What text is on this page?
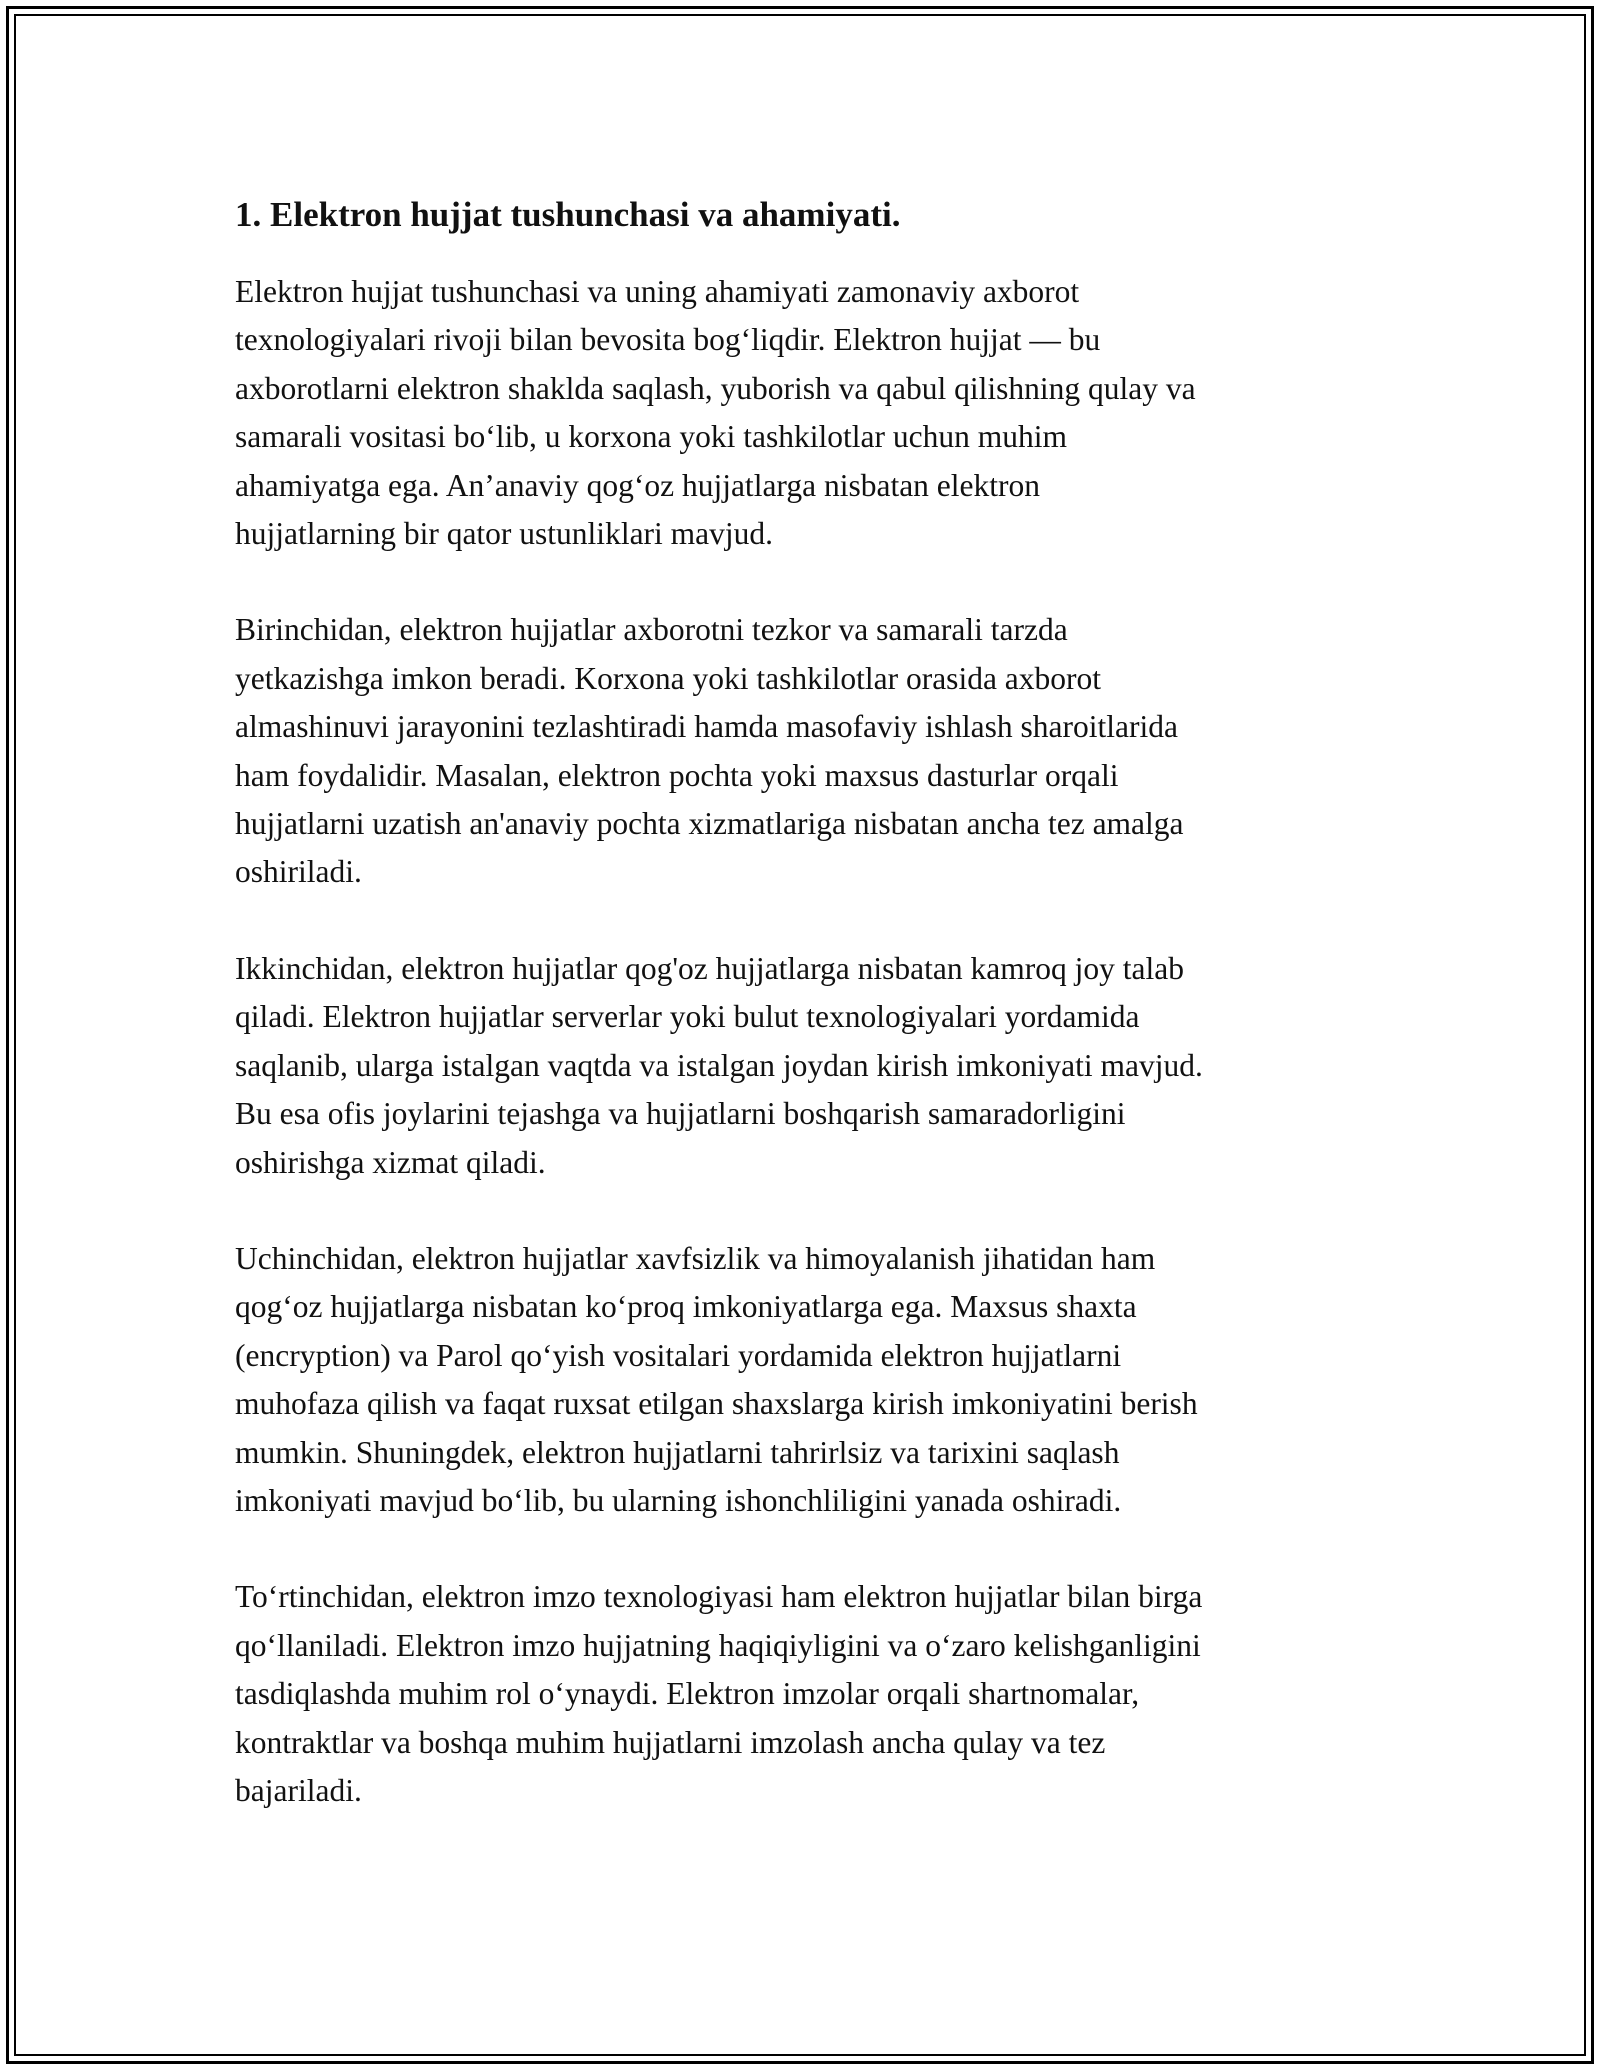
1. Elektron hujjat tushunchasi va ahamiyati.

Elektron hujjat tushunchasi va uning ahamiyati zamonaviy axborot
texnologiyalari rivoji bilan bevosita bog‘liqdir. Elektron hujjat — bu
axborotlarni elektron shaklda saqlash, yuborish va qabul qilishning qulay va
samarali vositasi bo‘lib, u korxona yoki tashkilotlar uchun muhim
ahamiyatga ega. An’anaviy qog‘oz hujjatlarga nisbatan elektron
hujjatlarning bir qator ustunliklari mavjud.

Birinchidan, elektron hujjatlar axborotni tezkor va samarali tarzda
yetkazishga imkon beradi. Korxona yoki tashkilotlar orasida axborot
almashinuvi jarayonini tezlashtiradi hamda masofaviy ishlash sharoitlarida
ham foydalidir. Masalan, elektron pochta yoki maxsus dasturlar orqali
hujjatlarni uzatish an'anaviy pochta xizmatlariga nisbatan ancha tez amalga
oshiriladi.

Ikkinchidan, elektron hujjatlar qog'oz hujjatlarga nisbatan kamroq joy talab
qiladi. Elektron hujjatlar serverlar yoki bulut texnologiyalari yordamida
saqlanib, ularga istalgan vaqtda va istalgan joydan kirish imkoniyati mavjud.
Bu esa ofis joylarini tejashga va hujjatlarni boshqarish samaradorligini
oshirishga xizmat qiladi.

Uchinchidan, elektron hujjatlar xavfsizlik va himoyalanish jihatidan ham
qog‘oz hujjatlarga nisbatan ko‘proq imkoniyatlarga ega. Maxsus shaxta
(encryption) va Parol qo‘yish vositalari yordamida elektron hujjatlarni
muhofaza qilish va faqat ruxsat etilgan shaxslarga kirish imkoniyatini berish
mumkin. Shuningdek, elektron hujjatlarni tahrirlsiz va tarixini saqlash
imkoniyati mavjud bo‘lib, bu ularning ishonchliligini yanada oshiradi.

To‘rtinchidan, elektron imzo texnologiyasi ham elektron hujjatlar bilan birga
qo‘llaniladi. Elektron imzo hujjatning haqiqiyligini va o‘zaro kelishganligini
tasdiqlashda muhim rol o‘ynaydi. Elektron imzolar orqali shartnomalar,
kontraktlar va boshqa muhim hujjatlarni imzolash ancha qulay va tez
bajariladi.
